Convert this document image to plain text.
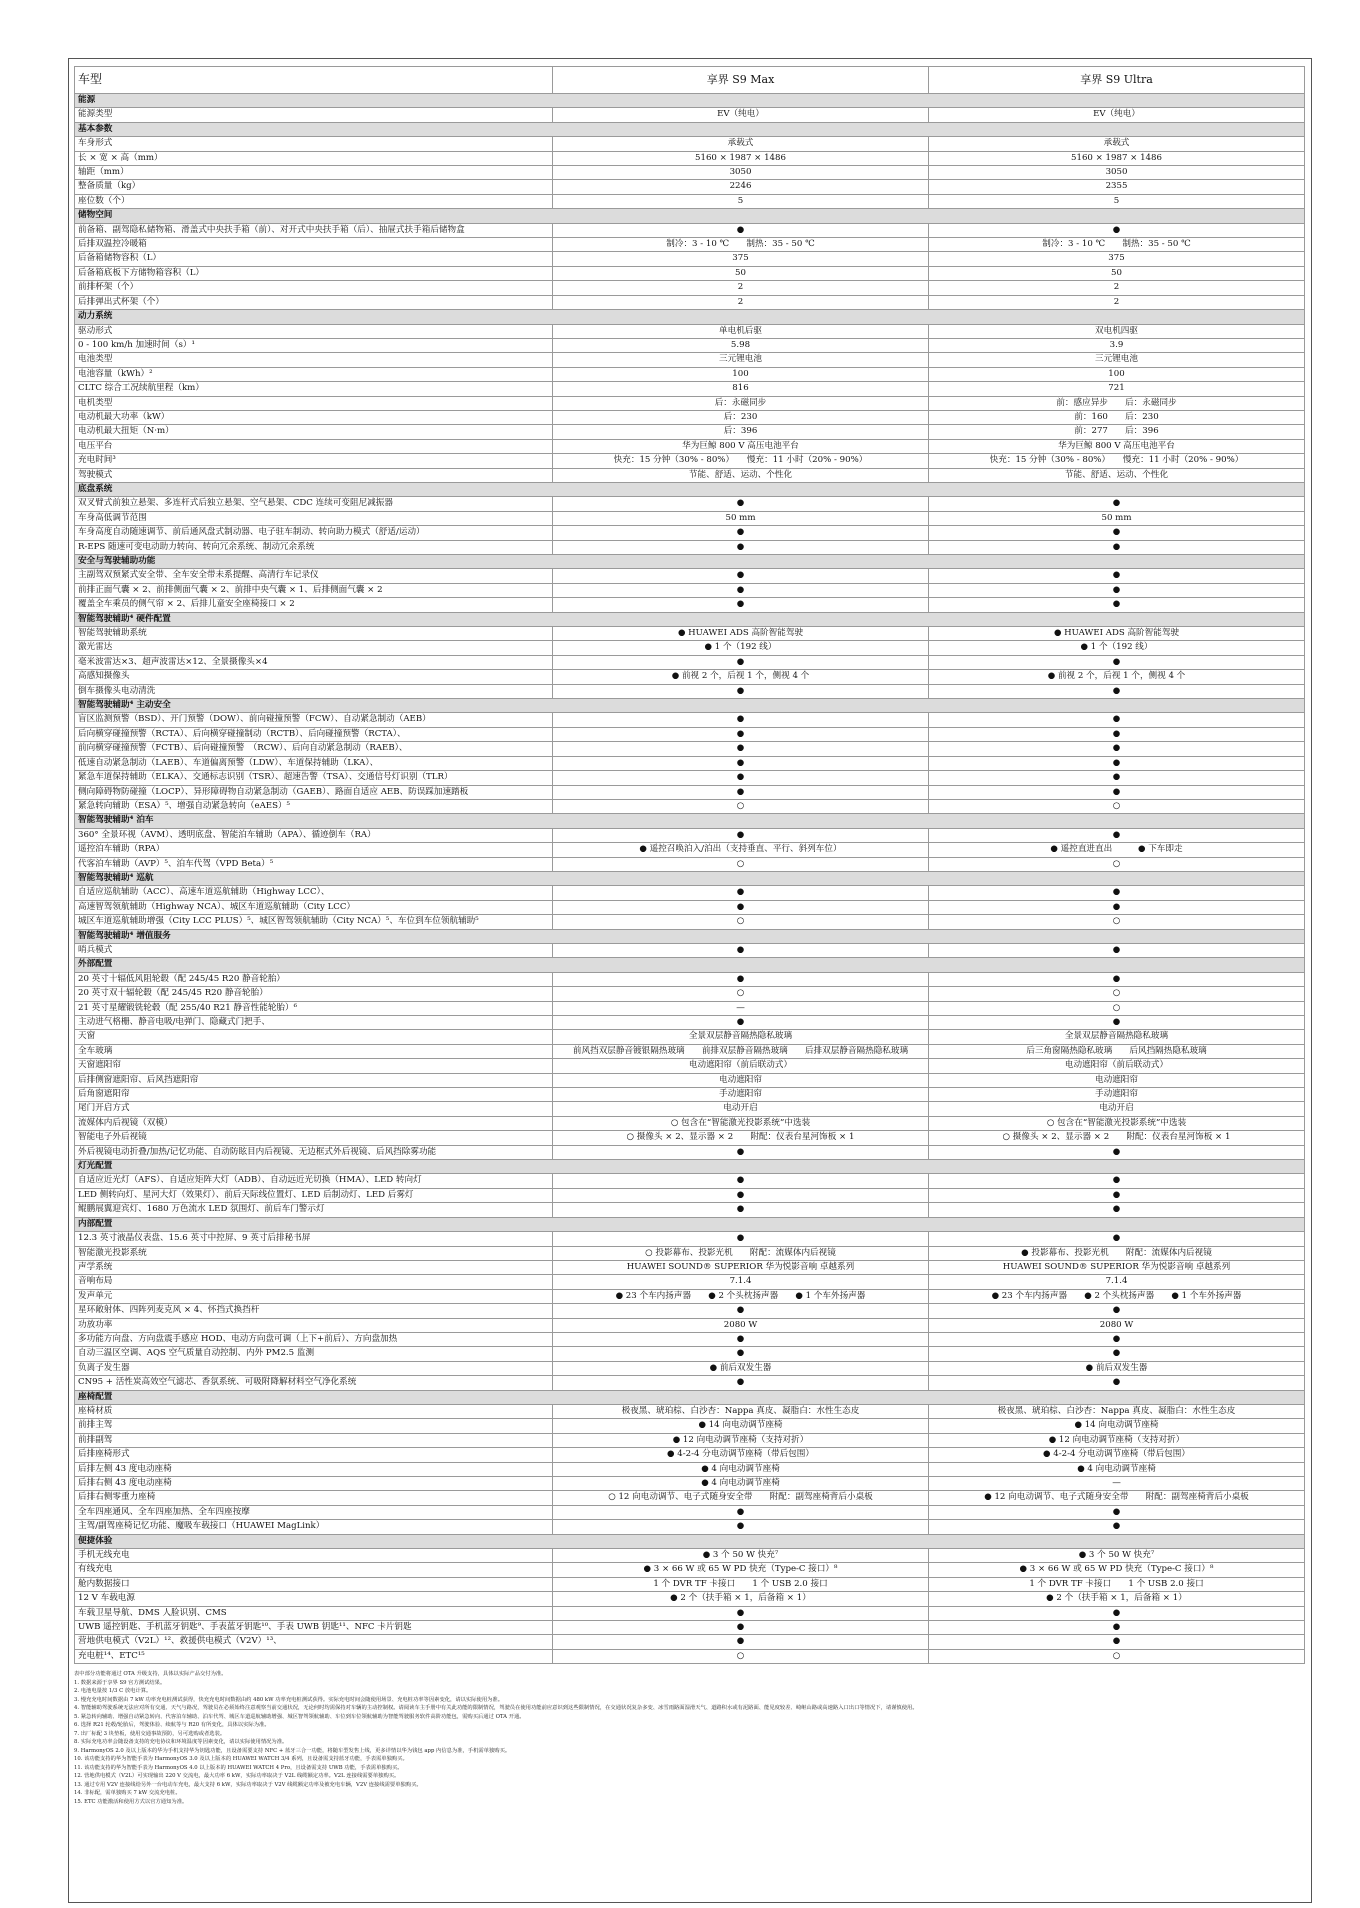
车型	享界 S9 Max	享界 S9 Ultra
能源		
能源类型	EV（纯电）	EV（纯电）
基本参数		
车身形式	承载式	承载式
长 × 宽 × 高（mm）	5160 × 1987 × 1486	5160 × 1987 × 1486
轴距（mm）	3050	3050
整备质量（kg）	2246	2355
座位数（个）	5	5
储物空间		
前备箱、副驾隐私储物箱、滑盖式中央扶手箱（前）、对开式中央扶手箱（后）、抽屉式扶手箱后储物盒	●	●
后排双温控冷暖箱	制冷：3 - 10 ℃　　制热：35 - 50 ℃	制冷：3 - 10 ℃　　制热：35 - 50 ℃
后备箱储物容积（L）	375	375
后备箱底板下方储物箱容积（L）	50	50
前排杯架（个）	2	2
后排弹出式杯架（个）	2	2
动力系统		
驱动形式	单电机后驱	双电机四驱
0 - 100 km/h 加速时间（s）¹	5.98	3.9
电池类型	三元锂电池	三元锂电池
电池容量（kWh）²	100	100
CLTC 综合工况续航里程（km）	816	721
电机类型	后：永磁同步	前：感应异步　　后：永磁同步
电动机最大功率（kW）	后：230	前：160　　后：230
电动机最大扭矩（N·m）	后：396	前：277　　后：396
电压平台	华为巨鲸 800 V 高压电池平台	华为巨鲸 800 V 高压电池平台
充电时间³	快充：15 分钟（30% - 80%）　　慢充：11 小时（20% - 90%）	快充：15 分钟（30% - 80%）　　慢充：11 小时（20% - 90%）
驾驶模式	节能、舒适、运动、个性化	节能、舒适、运动、个性化
底盘系统		
双叉臂式前独立悬架、多连杆式后独立悬架、空气悬架、CDC 连续可变阻尼减振器	●	●
车身高低调节范围	50 mm	50 mm
车身高度自动随速调节、前后通风盘式制动器、电子驻车制动、转向助力模式（舒适/运动）	●	●
R-EPS 随速可变电动助力转向、转向冗余系统、制动冗余系统	●	●
安全与驾驶辅助功能		
主副驾双预紧式安全带、全车安全带未系提醒、高清行车记录仪	●	●
前排正面气囊 × 2、前排侧面气囊 × 2、前排中央气囊 × 1、后排侧面气囊 × 2	●	●
覆盖全车乘员的侧气帘 × 2、后排儿童安全座椅接口 × 2	●	●
智能驾驶辅助⁴ 硬件配置		
智能驾驶辅助系统	● HUAWEI ADS 高阶智能驾驶	● HUAWEI ADS 高阶智能驾驶
激光雷达	● 1 个（192 线）	● 1 个（192 线）
毫米波雷达×3、超声波雷达×12、全景摄像头×4	●	●
高感知摄像头	● 前视 2 个，后视 1 个，侧视 4 个	● 前视 2 个，后视 1 个，侧视 4 个
倒车摄像头电动清洗	●	●
智能驾驶辅助⁴ 主动安全		
盲区监测预警（BSD）、开门预警（DOW）、前向碰撞预警（FCW）、自动紧急制动（AEB）	●	●
后向横穿碰撞预警（RCTA）、后向横穿碰撞制动（RCTB）、后向碰撞预警（RCTA）、	●	●
前向横穿碰撞预警（FCTB）、后向碰撞预警　（RCW）、后向自动紧急制动（RAEB）、	●	●
低速自动紧急制动（LAEB）、车道偏离预警（LDW）、车道保持辅助（LKA）、	●	●
紧急车道保持辅助（ELKA）、交通标志识别（TSR）、超速告警（TSA）、交通信号灯识别（TLR）	●	●
侧向障碍物防碰撞（LOCP）、异形障碍物自动紧急制动（GAEB）、路面自适应 AEB、防误踩加速踏板	●	●
紧急转向辅助（ESA）⁵、增强自动紧急转向（eAES）⁵	○	○
智能驾驶辅助⁴ 泊车		
360° 全景环视（AVM）、透明底盘、智能泊车辅助（APA）、循迹倒车（RA）	●	●
遥控泊车辅助（RPA）	● 遥控召唤泊入/泊出（支持垂直、平行、斜列车位）	● 遥控直进直出　　　● 下车即走
代客泊车辅助（AVP）⁵、泊车代驾（VPD Beta）⁵	○	○
智能驾驶辅助⁴ 巡航		
自适应巡航辅助（ACC）、高速车道巡航辅助（Highway LCC）、	●	●
高速智驾领航辅助（Highway NCA）、城区车道巡航辅助（City LCC）	●	●
城区车道巡航辅助增强（City LCC PLUS）⁵、城区智驾领航辅助（City NCA）⁵、车位到车位领航辅助⁵	○	○
智能驾驶辅助⁴ 增值服务		
哨兵模式	●	●
外部配置		
20 英寸十辐低风阻轮毂（配 245/45 R20 静音轮胎）	●	●
20 英寸双十辐轮毂（配 245/45 R20 静音轮胎）	○	○
21 英寸星耀锻铣轮毂（配 255/40 R21 静音性能轮胎）⁶	—	○
主动进气格栅、静音电吸/电弹门、隐藏式门把手、	●	●
天窗	全景双层静音隔热隐私玻璃	全景双层静音隔热隐私玻璃
全车玻璃	前风挡双层静音镀银隔热玻璃　　前排双层静音隔热玻璃　　后排双层静音隔热隐私玻璃	后三角窗隔热隐私玻璃　　后风挡隔热隐私玻璃
天窗遮阳帘	电动遮阳帘（前后联动式）	电动遮阳帘（前后联动式）
后排侧窗遮阳帘、后风挡遮阳帘	电动遮阳帘	电动遮阳帘
后角窗遮阳帘	手动遮阳帘	手动遮阳帘
尾门开启方式	电动开启	电动开启
流媒体内后视镜（双模）	○ 包含在“智能激光投影系统”中选装	○ 包含在“智能激光投影系统”中选装
智能电子外后视镜	○ 摄像头 × 2、显示器 × 2　　附配：仪表台星河饰板 × 1	○ 摄像头 × 2、显示器 × 2　　附配：仪表台星河饰板 × 1
外后视镜电动折叠/加热/记忆功能、自动防眩目内后视镜、无边框式外后视镜、后风挡除雾功能	●	●
灯光配置		
自适应近光灯（AFS）、自适应矩阵大灯（ADB）、自动远近光切换（HMA）、LED 转向灯	●	●
LED 侧转向灯、星河大灯（效果灯）、前后天际线位置灯、LED 后制动灯、LED 后雾灯	●	●
鲲鹏展翼迎宾灯、1680 万色流水 LED 氛围灯、前后车门警示灯	●	●
内部配置		
12.3 英寸液晶仪表盘、15.6 英寸中控屏、9 英寸后排秘书屏	●	●
智能激光投影系统	○ 投影幕布、投影光机　　附配：流媒体内后视镜	● 投影幕布、投影光机　　附配：流媒体内后视镜
声学系统	HUAWEI SOUND® SUPERIOR 华为悦影音响 卓越系列	HUAWEI SOUND® SUPERIOR 华为悦影音响 卓越系列
音响布局	7.1.4	7.1.4
发声单元	● 23 个车内扬声器　　● 2 个头枕扬声器　　● 1 个车外扬声器	● 23 个车内扬声器　　● 2 个头枕扬声器　　● 1 个车外扬声器
星环敞射体、四阵列麦克风 × 4、怀挡式换挡杆	●	●
功放功率	2080 W	2080 W
多功能方向盘、方向盘震手感应 HOD、电动方向盘可调（上下+前后）、方向盘加热	●	●
自动三温区空调、AQS 空气质量自动控制、内外 PM2.5 监测	●	●
负离子发生器	● 前后双发生器	● 前后双发生器
CN95 + 活性炭高效空气滤芯、香氛系统、可吸附降解材料空气净化系统	●	●
座椅配置		
座椅材质	极夜黑、琥珀棕、白沙杏：Nappa 真皮、凝脂白：水性生态皮	极夜黑、琥珀棕、白沙杏：Nappa 真皮、凝脂白：水性生态皮
前排主驾	● 14 向电动调节座椅	● 14 向电动调节座椅
前排副驾	● 12 向电动调节座椅（支持对折）	● 12 向电动调节座椅（支持对折）
后排座椅形式	● 4-2-4 分电动调节座椅（带后包围）	● 4-2-4 分电动调节座椅（带后包围）
后排左侧 43 度电动座椅	● 4 向电动调节座椅	● 4 向电动调节座椅
后排右侧 43 度电动座椅	● 4 向电动调节座椅	—
后排右侧零重力座椅	○ 12 向电动调节、电子式随身安全带　　附配：副驾座椅背后小桌板	● 12 向电动调节、电子式随身安全带　　附配：副驾座椅背后小桌板
全车四座通风、全车四座加热、全车四座按摩	●	●
主驾/副驾座椅记忆功能、魔吸车载接口（HUAWEI MagLink）	●	●
便捷体验		
手机无线充电	● 3 个 50 W 快充⁷	● 3 个 50 W 快充⁷
有线充电	● 3 × 66 W 或 65 W PD 快充（Type-C 接口）⁸	● 3 × 66 W 或 65 W PD 快充（Type-C 接口）⁸
舱内数据接口	1 个 DVR TF 卡接口　　1 个 USB 2.0 接口	1 个 DVR TF 卡接口　　1 个 USB 2.0 接口
12 V 车载电源	● 2 个（扶手箱 × 1，后备箱 × 1）	● 2 个（扶手箱 × 1，后备箱 × 1）
车载卫星导航、DMS 人脸识别、CMS	●	●
UWB 遥控钥匙、手机蓝牙钥匙⁹、手表蓝牙钥匙¹⁰、手表 UWB 钥匙¹¹、NFC 卡片钥匙	●	●
营地供电模式（V2L）¹²、救援供电模式（V2V）¹³、	●	●
充电桩¹⁴、ETC¹⁵	○	○
表中部分功能将通过 OTA 升级支持，具体以实际产品交付为准。
1. 数据来源于享界 S9 官方测试结果。
2. 电池电量按 1/3 C 放电计算。
3. 慢充充电时间数据由 7 kW 功率充电桩测试获得，快充充电时间数据由约 480 kW 功率充电桩测试获得。实际充电时间会随使用场景、充电桩功率等因素变化，请以实际使用为准。
4. 智能辅助驾驶系统无法应对所有交通、天气与路况，驾驶员在必须始终注意观察当前交通状况，无论何时均需保持对车辆的主动控制权。请阅读车主手册中有关此功能的限制情况，驾驶员在使用功能前应意识到这些限制情况，在交通状况复杂多变、冰雪雨路面湿滑天气、道路积水或有泥路面、能见度较差、崎岖山路或高速路入口出口等情况下，请谨慎使用。
5. 紧急转向辅助、增强自动紧急转向、代客泊车辅助、泊车代驾、城区车道巡航辅助增强、城区智驾领航辅助、车位到车位领航辅助为智能驾驶服务软件高阶功能包，需购买后通过 OTA 开通。
6. 选择 R21 轮毂/轮胎后，驾驶体验、续航等与 R20 有所变化，具体以实际为准。
7. 出厂标配 3 块垫板，使用交通事故预防，另可选购或者选装。
8. 实际充电功率会随设备支持的充电协议和环境温度等因素变化，请以实际使用情况为准。
9. HarmonyOS 2.0 及以上版本的华为手机支持华为钥匙功能，且设备需要支持 NFC + 蓝牙三合一功能，将随车型发售上线，更多详情以华为钱包 app 内信息为准，手机需单独购买。
10. 该功能支持的华为智能手表为 HarmonyOS 3.0 及以上版本的 HUAWEI WATCH 3/4 系列，且设备需支持蓝牙功能，手表需单独购买。
11. 该功能支持的华为智能手表为 HarmonyOS 4.0 以上版本的 HUAWEI WATCH 4 Pro，且设备需支持 UWB 功能，手表需单独购买。
12. 营地供电模式（V2L）可实现输出 220 V 交流电，最大功率 6 kW，实际功率取决于 V2L 线缆额定功率。V2L 连接线需要单独购买。
13. 通过专用 V2V 连接线给另外一台电动车充电，最大支持 6 kW，实际功率取决于 V2V 线缆额定功率及被充电车辆，V2V 连接线需要单独购买。
14. 非标配，需单独购买 7 kW 交流充电桩。
15. ETC 功能激活和使用方式以官方通知为准。
